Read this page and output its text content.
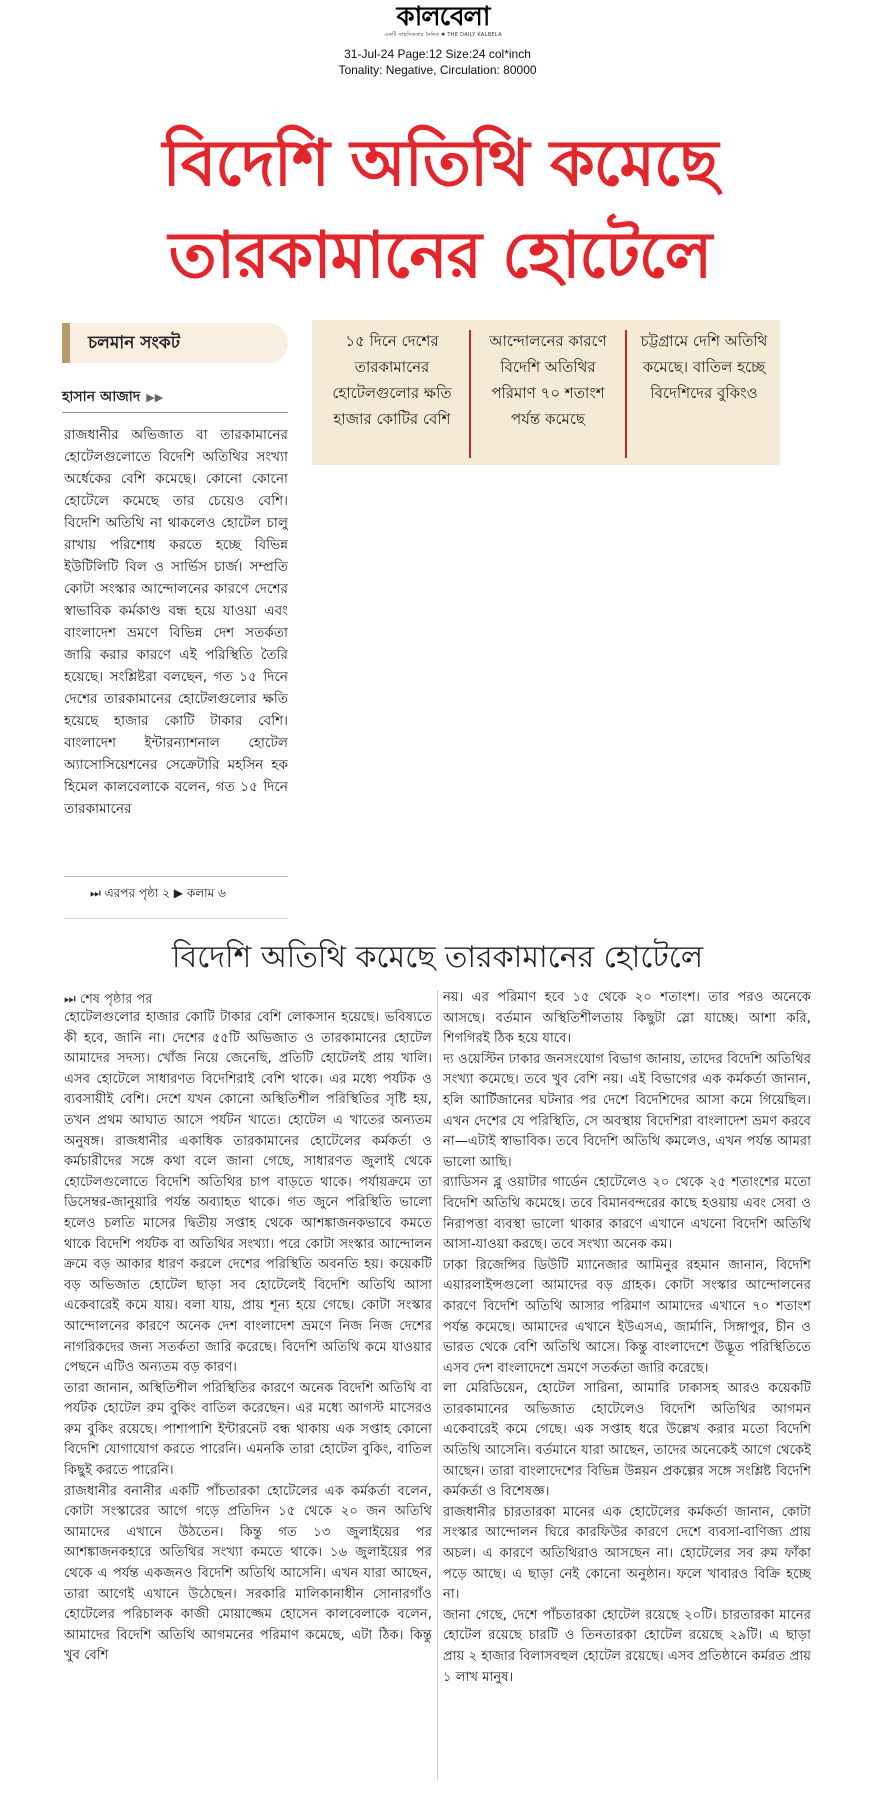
কালবেলা
একটি সাহসিকতার দৈনিক ✱ THE DAILY KALBELA
31-Jul-24 Page:12 Size:24 col*inch
Tonality: Negative, Circulation: 80000
বিদেশি অতিথি কমেছে
তারকামানের হোটেলে
চলমান সংকট
হাসান আজাদ ▶▶

রাজধানীর অভিজাত বা তারকামানের হোটেলগুলোতে বিদেশি অতিথির সংখ্যা অর্ধেকের বেশি কমেছে। কোনো কোনো হোটেলে কমেছে তার চেয়েও বেশি। বিদেশি অতিথি না থাকলেও হোটেল চালু রাখায় পরিশোধ করতে হচ্ছে বিভিন্ন ইউটিলিটি বিল ও সার্ভিস চার্জ। সম্প্রতি কোটা সংস্কার আন্দোলনের কারণে দেশের স্বাভাবিক কর্মকাণ্ড বন্ধ হয়ে যাওয়া এবং বাংলাদেশ ভ্রমণে বিভিন্ন দেশ সতর্কতা জারি করার কারণে এই পরিস্থিতি তৈরি হয়েছে। সংশ্লিষ্টরা বলছেন, গত ১৫ দিনে দেশের তারকামানের হোটেলগুলোর ক্ষতি হয়েছে হাজার কোটি টাকার বেশি। বাংলাদেশ ইন্টারন্যাশনাল হোটেল অ্যাসোসিয়েশনের সেক্রেটারি মহসিন হক হিমেল কালবেলাকে বলেন, গত ১৫ দিনে তারকামানের

⏭ এরপর পৃষ্ঠা ২ ▶ কলাম ৬
১৫ দিনে দেশের তারকামানের হোটেলগুলোর ক্ষতি হাজার কোটির বেশি
আন্দোলনের কারণে বিদেশি অতিথির পরিমাণ ৭০ শতাংশ পর্যন্ত কমেছে
চট্টগ্রামে দেশি অতিথি কমেছে। বাতিল হচ্ছে বিদেশিদের বুকিংও
বিদেশি অতিথি কমেছে তারকামানের হোটেলে
⏭ শেষ পৃষ্ঠার পর

হোটেলগুলোর হাজার কোটি টাকার বেশি লোকসান হয়েছে। ভবিষ্যতে কী হবে, জানি না। দেশের ৫৫টি অভিজাত ও তারকামানের হোটেল আমাদের সদস্য। খোঁজ নিয়ে জেনেছি, প্রতিটি হোটেলই প্রায় খালি। এসব হোটেলে সাধারণত বিদেশিরাই বেশি থাকে। এর মধ্যে পর্যটক ও ব্যবসায়ীই বেশি। দেশে যখন কোনো অস্থিতিশীল পরিস্থিতির সৃষ্টি হয়, তখন প্রথম আঘাত আসে পর্যটন খাতে। হোটেল এ খাতের অন্যতম অনুষঙ্গ। রাজধানীর একাধিক তারকামানের হোটেলের কর্মকর্তা ও কর্মচারীদের সঙ্গে কথা বলে জানা গেছে, সাধারণত জুলাই থেকে হোটেলগুলোতে বিদেশি অতিথির চাপ বাড়তে থাকে। পর্যায়ক্রমে তা ডিসেম্বর-জানুয়ারি পর্যন্ত অব্যাহত থাকে। গত জুনে পরিস্থিতি ভালো হলেও চলতি মাসের দ্বিতীয় সপ্তাহ থেকে আশঙ্কাজনকভাবে কমতে থাকে বিদেশি পর্যটক বা অতিথির সংখ্যা। পরে কোটা সংস্কার আন্দোলন ক্রমে বড় আকার ধারণ করলে দেশের পরিস্থিতি অবনতি হয়। কয়েকটি বড় অভিজাত হোটেল ছাড়া সব হোটেলেই বিদেশি অতিথি আসা একেবারেই কমে যায়। বলা যায়, প্রায় শূন্য হয়ে গেছে। কোটা সংস্কার আন্দোলনের কারণে অনেক দেশ বাংলাদেশ ভ্রমণে নিজ নিজ দেশের নাগরিকদের জন্য সতর্কতা জারি করেছে। বিদেশি অতিথি কমে যাওয়ার পেছনে এটিও অন্যতম বড় কারণ।

তারা জানান, অস্থিতিশীল পরিস্থিতির কারণে অনেক বিদেশি অতিথি বা পর্যটক হোটেল রুম বুকিং বাতিল করেছেন। এর মধ্যে আগস্ট মাসেরও রুম বুকিং রয়েছে। পাশাপাশি ইন্টারনেট বন্ধ থাকায় এক সপ্তাহ কোনো বিদেশি যোগাযোগ করতে পারেনি। এমনকি তারা হোটেল বুকিং, বাতিল কিছুই করতে পারেনি।

রাজধানীর বনানীর একটি পাঁচতারকা হোটেলের এক কর্মকর্তা বলেন, কোটা সংস্কারের আগে গড়ে প্রতিদিন ১৫ থেকে ২০ জন অতিথি আমাদের এখানে উঠতেন। কিন্তু গত ১৩ জুলাইয়ের পর আশঙ্কাজনকহারে অতিথির সংখ্যা কমতে থাকে। ১৬ জুলাইয়ের পর থেকে এ পর্যন্ত একজনও বিদেশি অতিথি আসেনি। এখন যারা আছেন, তারা আগেই এখানে উঠেছেন। সরকারি মালিকানাধীন সোনারগাঁও হোটেলের পরিচালক কাজী মোয়াজ্জেম হোসেন কালবেলাকে বলেন, আমাদের বিদেশি অতিথি আগমনের পরিমাণ কমেছে, এটা ঠিক। কিন্তু খুব বেশি

নয়। এর পরিমাণ হবে ১৫ থেকে ২০ শতাংশ। তার পরও অনেকে আসছে। বর্তমান অস্থিতিশীলতায় কিছুটা স্লো যাচ্ছে। আশা করি, শিগগিরই ঠিক হয়ে যাবে।

দ্য ওয়েস্টিন ঢাকার জনসংযোগ বিভাগ জানায়, তাদের বিদেশি অতিথির সংখ্যা কমেছে। তবে খুব বেশি নয়। এই বিভাগের এক কর্মকর্তা জানান, হলি আর্টিজানের ঘটনার পর দেশে বিদেশিদের আসা কমে গিয়েছিল। এখন দেশের যে পরিস্থিতি, সে অবস্থায় বিদেশিরা বাংলাদেশ ভ্রমণ করবে না—এটাই স্বাভাবিক। তবে বিদেশি অতিথি কমলেও, এখন পর্যন্ত আমরা ভালো আছি।

র‍্যাডিসন ব্লু ওয়াটার গার্ডেন হোটেলেও ২০ থেকে ২৫ শতাংশের মতো বিদেশি অতিথি কমেছে। তবে বিমানবন্দরের কাছে হওয়ায় এবং সেবা ও নিরাপত্তা ব্যবস্থা ভালো থাকার কারণে এখানে এখনো বিদেশি অতিথি আসা-যাওয়া করছে। তবে সংখ্যা অনেক কম।

ঢাকা রিজেন্সির ডিউটি ম্যানেজার আমিনুর রহমান জানান, বিদেশি এয়ারলাইন্সগুলো আমাদের বড় গ্রাহক। কোটা সংস্কার আন্দোলনের কারণে বিদেশি অতিথি আসার পরিমাণ আমাদের এখানে ৭০ শতাংশ পর্যন্ত কমেছে। আমাদের এখানে ইউএসএ, জার্মানি, সিঙ্গাপুর, চীন ও ভারত থেকে বেশি অতিথি আসে। কিন্তু বাংলাদেশে উদ্ভূত পরিস্থিতিতে এসব দেশ বাংলাদেশে ভ্রমণে সতর্কতা জারি করেছে।

লা মেরিডিয়েন, হোটেল সারিনা, আমারি ঢাকাসহ আরও কয়েকটি তারকামানের অভিজাত হোটেলেও বিদেশি অতিথির আগমন একেবারেই কমে গেছে। এক সপ্তাহ ধরে উল্লেখ করার মতো বিদেশি অতিথি আসেনি। বর্তমানে যারা আছেন, তাদের অনেকেই আগে থেকেই আছেন। তারা বাংলাদেশের বিভিন্ন উন্নয়ন প্রকল্পের সঙ্গে সংশ্লিষ্ট বিদেশি কর্মকর্তা ও বিশেষজ্ঞ।

রাজধানীর চারতারকা মানের এক হোটেলের কর্মকর্তা জানান, কোটা সংস্কার আন্দোলন ঘিরে কারফিউর কারণে দেশে ব্যবসা-বাণিজ্য প্রায় অচল। এ কারণে অতিথিরাও আসছেন না। হোটেলের সব রুম ফাঁকা পড়ে আছে। এ ছাড়া নেই কোনো অনুষ্ঠান। ফলে খাবারও বিক্রি হচ্ছে না।

জানা গেছে, দেশে পাঁচতারকা হোটেল রয়েছে ২০টি। চারতারকা মানের হোটেল রয়েছে চারটি ও তিনতারকা হোটেল রয়েছে ২৯টি। এ ছাড়া প্রায় ২ হাজার বিলাসবহুল হোটেল রয়েছে। এসব প্রতিষ্ঠানে কর্মরত প্রায় ১ লাখ মানুষ।
